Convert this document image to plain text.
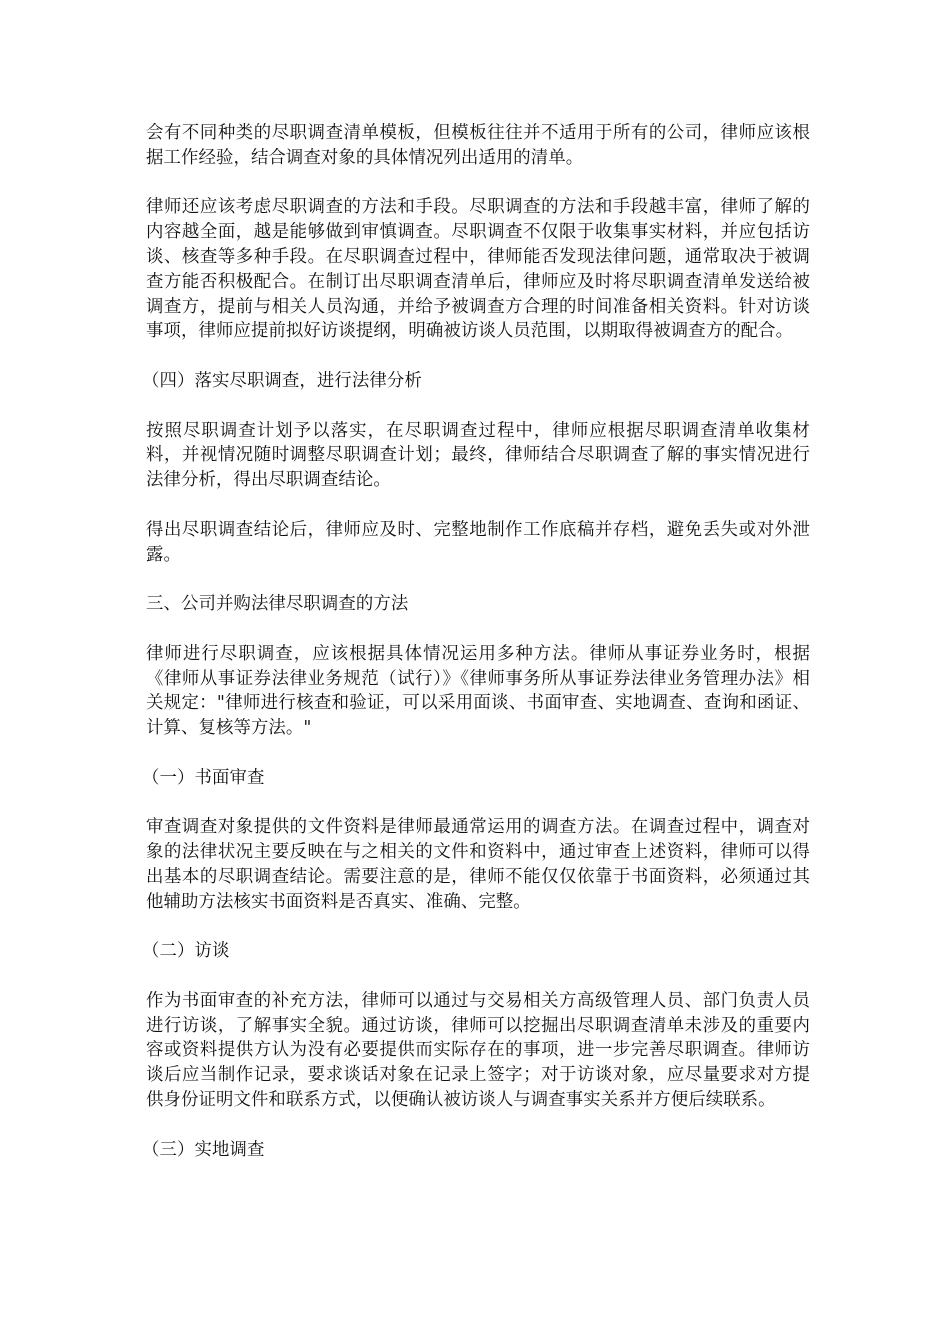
会有不同种类的尽职调查清单模板，但模板往往并不适用于所有的公司，律师应该根据工作经验，结合调查对象的具体情况列出适用的清单。

律师还应该考虑尽职调查的方法和手段。尽职调查的方法和手段越丰富，律师了解的内容越全面，越是能够做到审慎调查。尽职调查不仅限于收集事实材料，并应包括访谈、核查等多种手段。在尽职调查过程中，律师能否发现法律问题，通常取决于被调查方能否积极配合。在制订出尽职调查清单后，律师应及时将尽职调查清单发送给被调查方，提前与相关人员沟通，并给予被调查方合理的时间准备相关资料。针对访谈事项，律师应提前拟好访谈提纲，明确被访谈人员范围，以期取得被调查方的配合。

（四）落实尽职调查，进行法律分析

按照尽职调查计划予以落实，在尽职调查过程中，律师应根据尽职调查清单收集材料，并视情况随时调整尽职调查计划；最终，律师结合尽职调查了解的事实情况进行法律分析，得出尽职调查结论。

得出尽职调查结论后，律师应及时、完整地制作工作底稿并存档，避免丢失或对外泄露。

三、公司并购法律尽职调查的方法

律师进行尽职调查，应该根据具体情况运用多种方法。律师从事证券业务时，根据《律师从事证券法律业务规范（试行）》《律师事务所从事证券法律业务管理办法》相关规定："律师进行核查和验证，可以采用面谈、书面审查、实地调查、查询和函证、计算、复核等方法。"

（一）书面审查

审查调查对象提供的文件资料是律师最通常运用的调查方法。在调查过程中，调查对象的法律状况主要反映在与之相关的文件和资料中，通过审查上述资料，律师可以得出基本的尽职调查结论。需要注意的是，律师不能仅仅依靠于书面资料，必须通过其他辅助方法核实书面资料是否真实、准确、完整。

（二）访谈

作为书面审查的补充方法，律师可以通过与交易相关方高级管理人员、部门负责人员进行访谈，了解事实全貌。通过访谈，律师可以挖掘出尽职调查清单未涉及的重要内容或资料提供方认为没有必要提供而实际存在的事项，进一步完善尽职调查。律师访谈后应当制作记录，要求谈话对象在记录上签字；对于访谈对象，应尽量要求对方提供身份证明文件和联系方式，以便确认被访谈人与调查事实关系并方便后续联系。

（三）实地调查
